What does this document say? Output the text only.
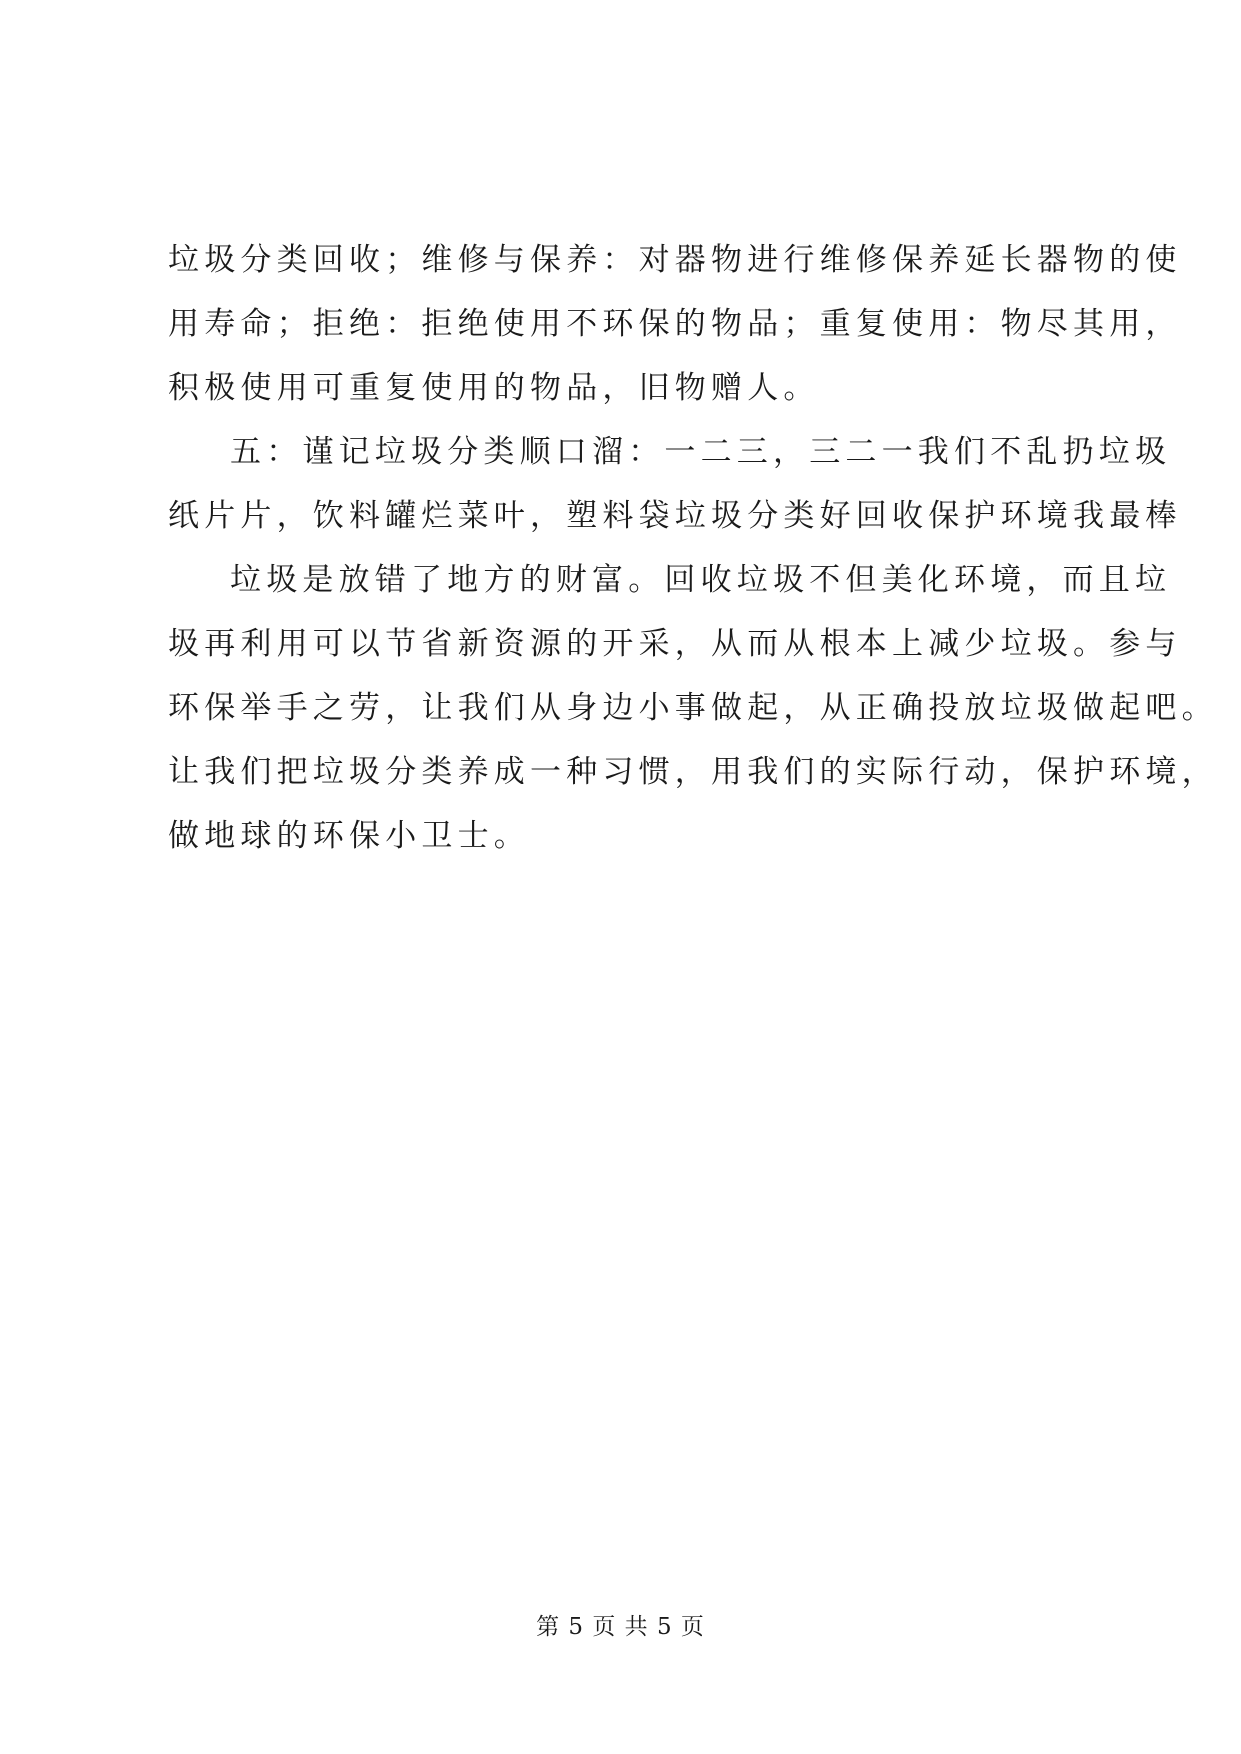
垃圾分类回收；维修与保养：对器物进行维修保养延长器物的使
用寿命；拒绝：拒绝使用不环保的物品；重复使用：物尽其用，
积极使用可重复使用的物品，旧物赠人。
五：谨记垃圾分类顺口溜：一二三，三二一我们不乱扔垃圾
纸片片，饮料罐烂菜叶，塑料袋垃圾分类好回收保护环境我最棒
垃圾是放错了地方的财富。回收垃圾不但美化环境，而且垃
圾再利用可以节省新资源的开采，从而从根本上减少垃圾。参与
环保举手之劳，让我们从身边小事做起，从正确投放垃圾做起吧。
让我们把垃圾分类养成一种习惯，用我们的实际行动，保护环境，
做地球的环保小卫士。
第 5 页 共 5 页
